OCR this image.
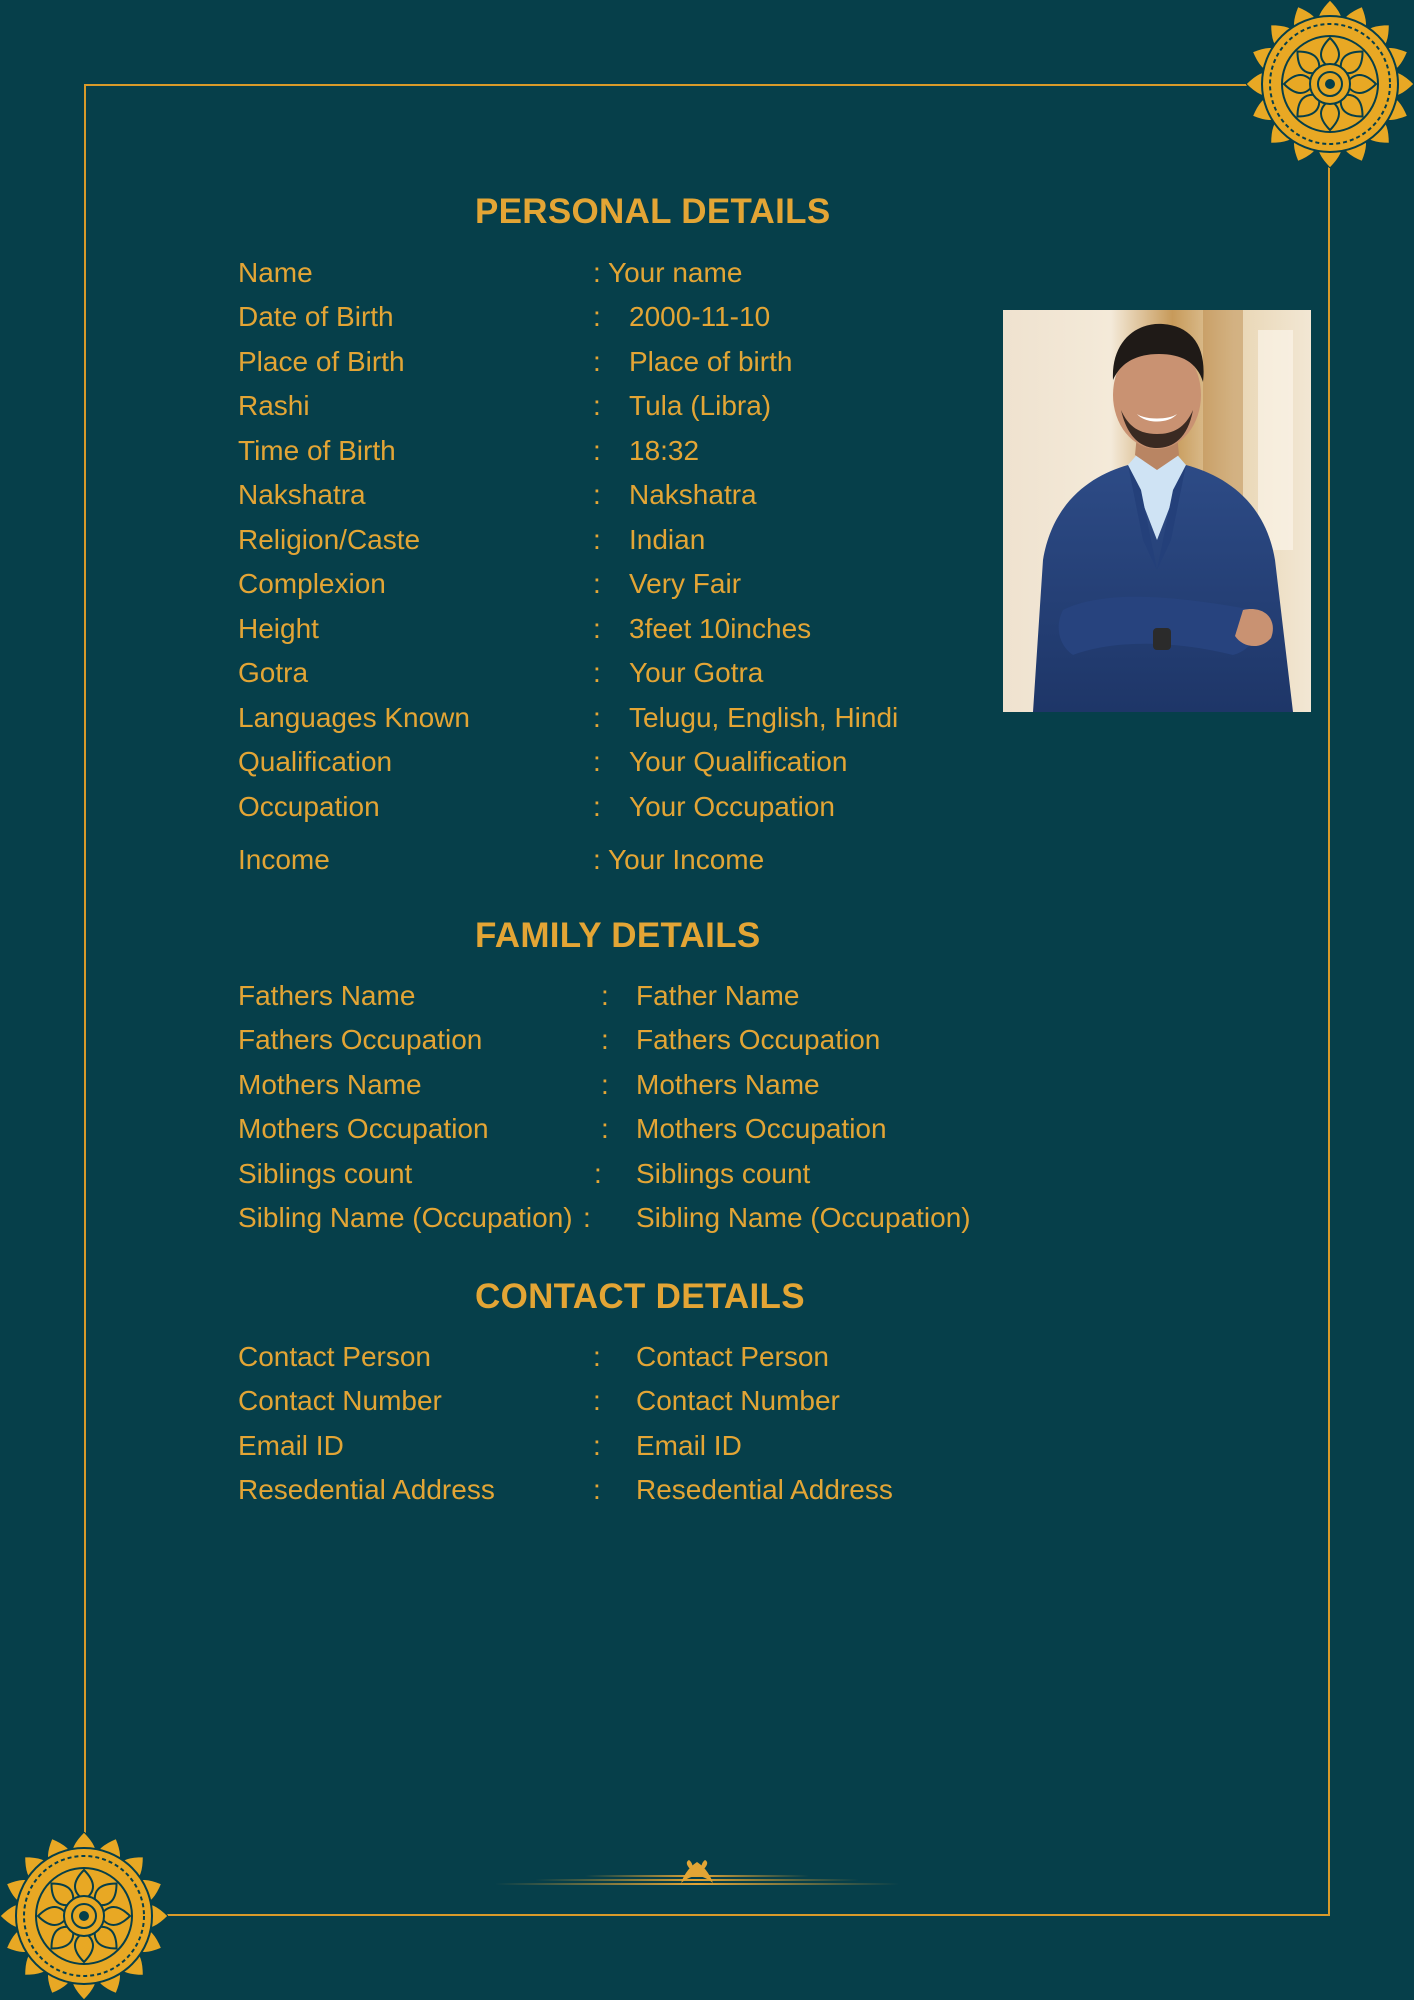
PERSONAL DETAILS
Name	: Your name
Date of Birth	: 2000-11-10
Place of Birth	: Place of birth
Rashi	: Tula (Libra)
Time of Birth	: 18:32
Nakshatra	: Nakshatra
Religion/Caste	: Indian
Complexion	: Very Fair
Height	: 3feet 10inches
Gotra	: Your Gotra
Languages Known	: Telugu, English, Hindi
Qualification	: Your Qualification
Occupation	: Your Occupation
Income	: Your Income
FAMILY DETAILS
Fathers Name	: Father Name
Fathers Occupation	: Fathers Occupation
Mothers Name	: Mothers Name
Mothers Occupation	: Mothers Occupation
Siblings count	: Siblings count
Sibling Name (Occupation) : Sibling Name (Occupation)
CONTACT DETAILS
Contact Person	: Contact Person
Contact Number	: Contact Number
Email ID	: Email ID
Resedential Address	: Resedential Address
